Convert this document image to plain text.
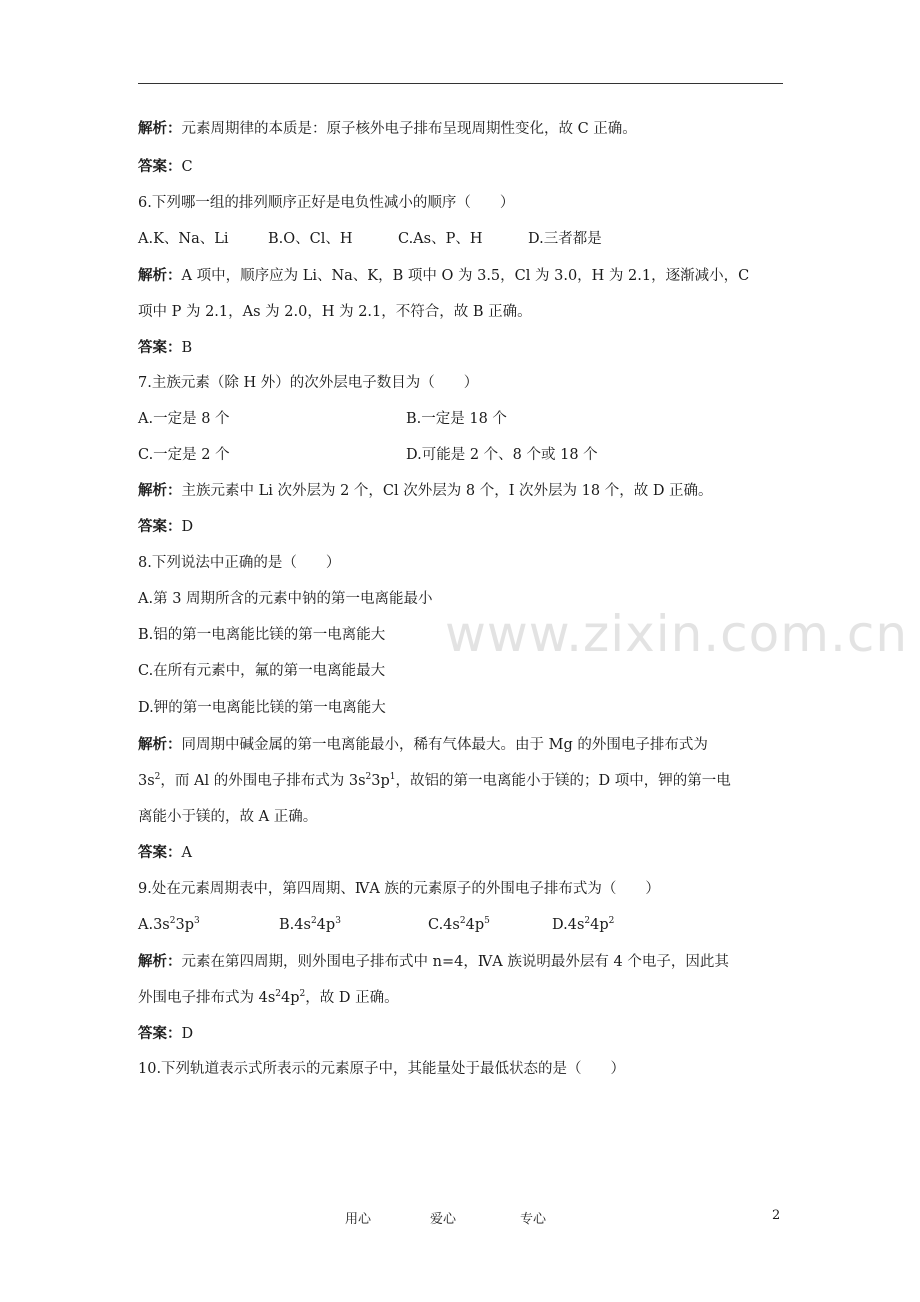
www.zixin.com.cn
解析：元素周期律的本质是：原子核外电子排布呈现周期性变化，故 C 正确。
答案：C
6.下列哪一组的排列顺序正好是电负性减小的顺序（　　）
A.K、Na、Li	B.O、Cl、H	C.As、P、H	D.三者都是
解析：A 项中，顺序应为 Li、Na、K，B 项中 O 为 3.5，Cl 为 3.0，H 为 2.1，逐渐减小，C
项中 P 为 2.1，As 为 2.0，H 为 2.1，不符合，故 B 正确。
答案：B
7.主族元素（除 H 外）的次外层电子数目为（　　）
A.一定是 8 个	B.一定是 18 个
C.一定是 2 个	D.可能是 2 个、8 个或 18 个
解析：主族元素中 Li 次外层为 2 个，Cl 次外层为 8 个，I 次外层为 18 个，故 D 正确。
答案：D
8.下列说法中正确的是（　　）
A.第 3 周期所含的元素中钠的第一电离能最小
B.铝的第一电离能比镁的第一电离能大
C.在所有元素中，氟的第一电离能最大
D.钾的第一电离能比镁的第一电离能大
解析：同周期中碱金属的第一电离能最小，稀有气体最大。由于 Mg 的外围电子排布式为
$3s^2$，而 Al 的外围电子排布式为 $3s^23p^1$，故铝的第一电离能小于镁的；D 项中，钾的第一电
离能小于镁的，故 A 正确。
答案：A
9.处在元素周期表中，第四周期、ⅣA 族的元素原子的外围电子排布式为（　　）
$A.3s^23p^3$	$B.4s^24p^3$	$C.4s^24p^5$	$D.4s^24p^2$
解析：元素在第四周期，则外围电子排布式中 n=4，ⅣA 族说明最外层有 4 个电子，因此其
外围电子排布式为 $4s^24p^2$，故 D 正确。
答案：D
10.下列轨道表示式所表示的元素原子中，其能量处于最低状态的是（　　）
用心	爱心	专心	2
